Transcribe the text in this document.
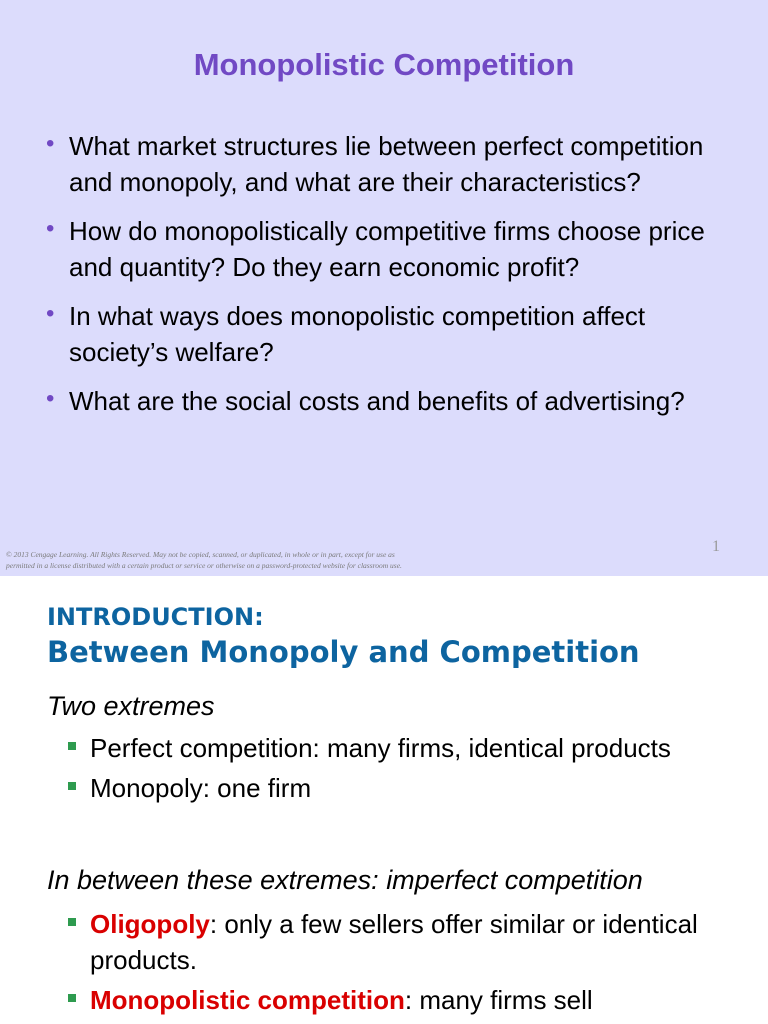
Monopolistic Competition
• What market structures lie between perfect competition and monopoly, and what are their characteristics?
• How do monopolistically competitive firms choose price and quantity? Do they earn economic profit?
• In what ways does monopolistic competition affect society’s welfare?
• What are the social costs and benefits of advertising?
© 2013 Cengage Learning. All Rights Reserved. May not be copied, scanned, or duplicated, in whole or in part, except for use as
permitted in a license distributed with a certain product or service or otherwise on a password-protected website for classroom use.
1
INTRODUCTION:
Between Monopoly and Competition
Two extremes
Perfect competition: many firms, identical products
Monopoly: one firm
In between these extremes: imperfect competition
Oligopoly: only a few sellers offer similar or identical products.
Monopolistic competition: many firms sell
